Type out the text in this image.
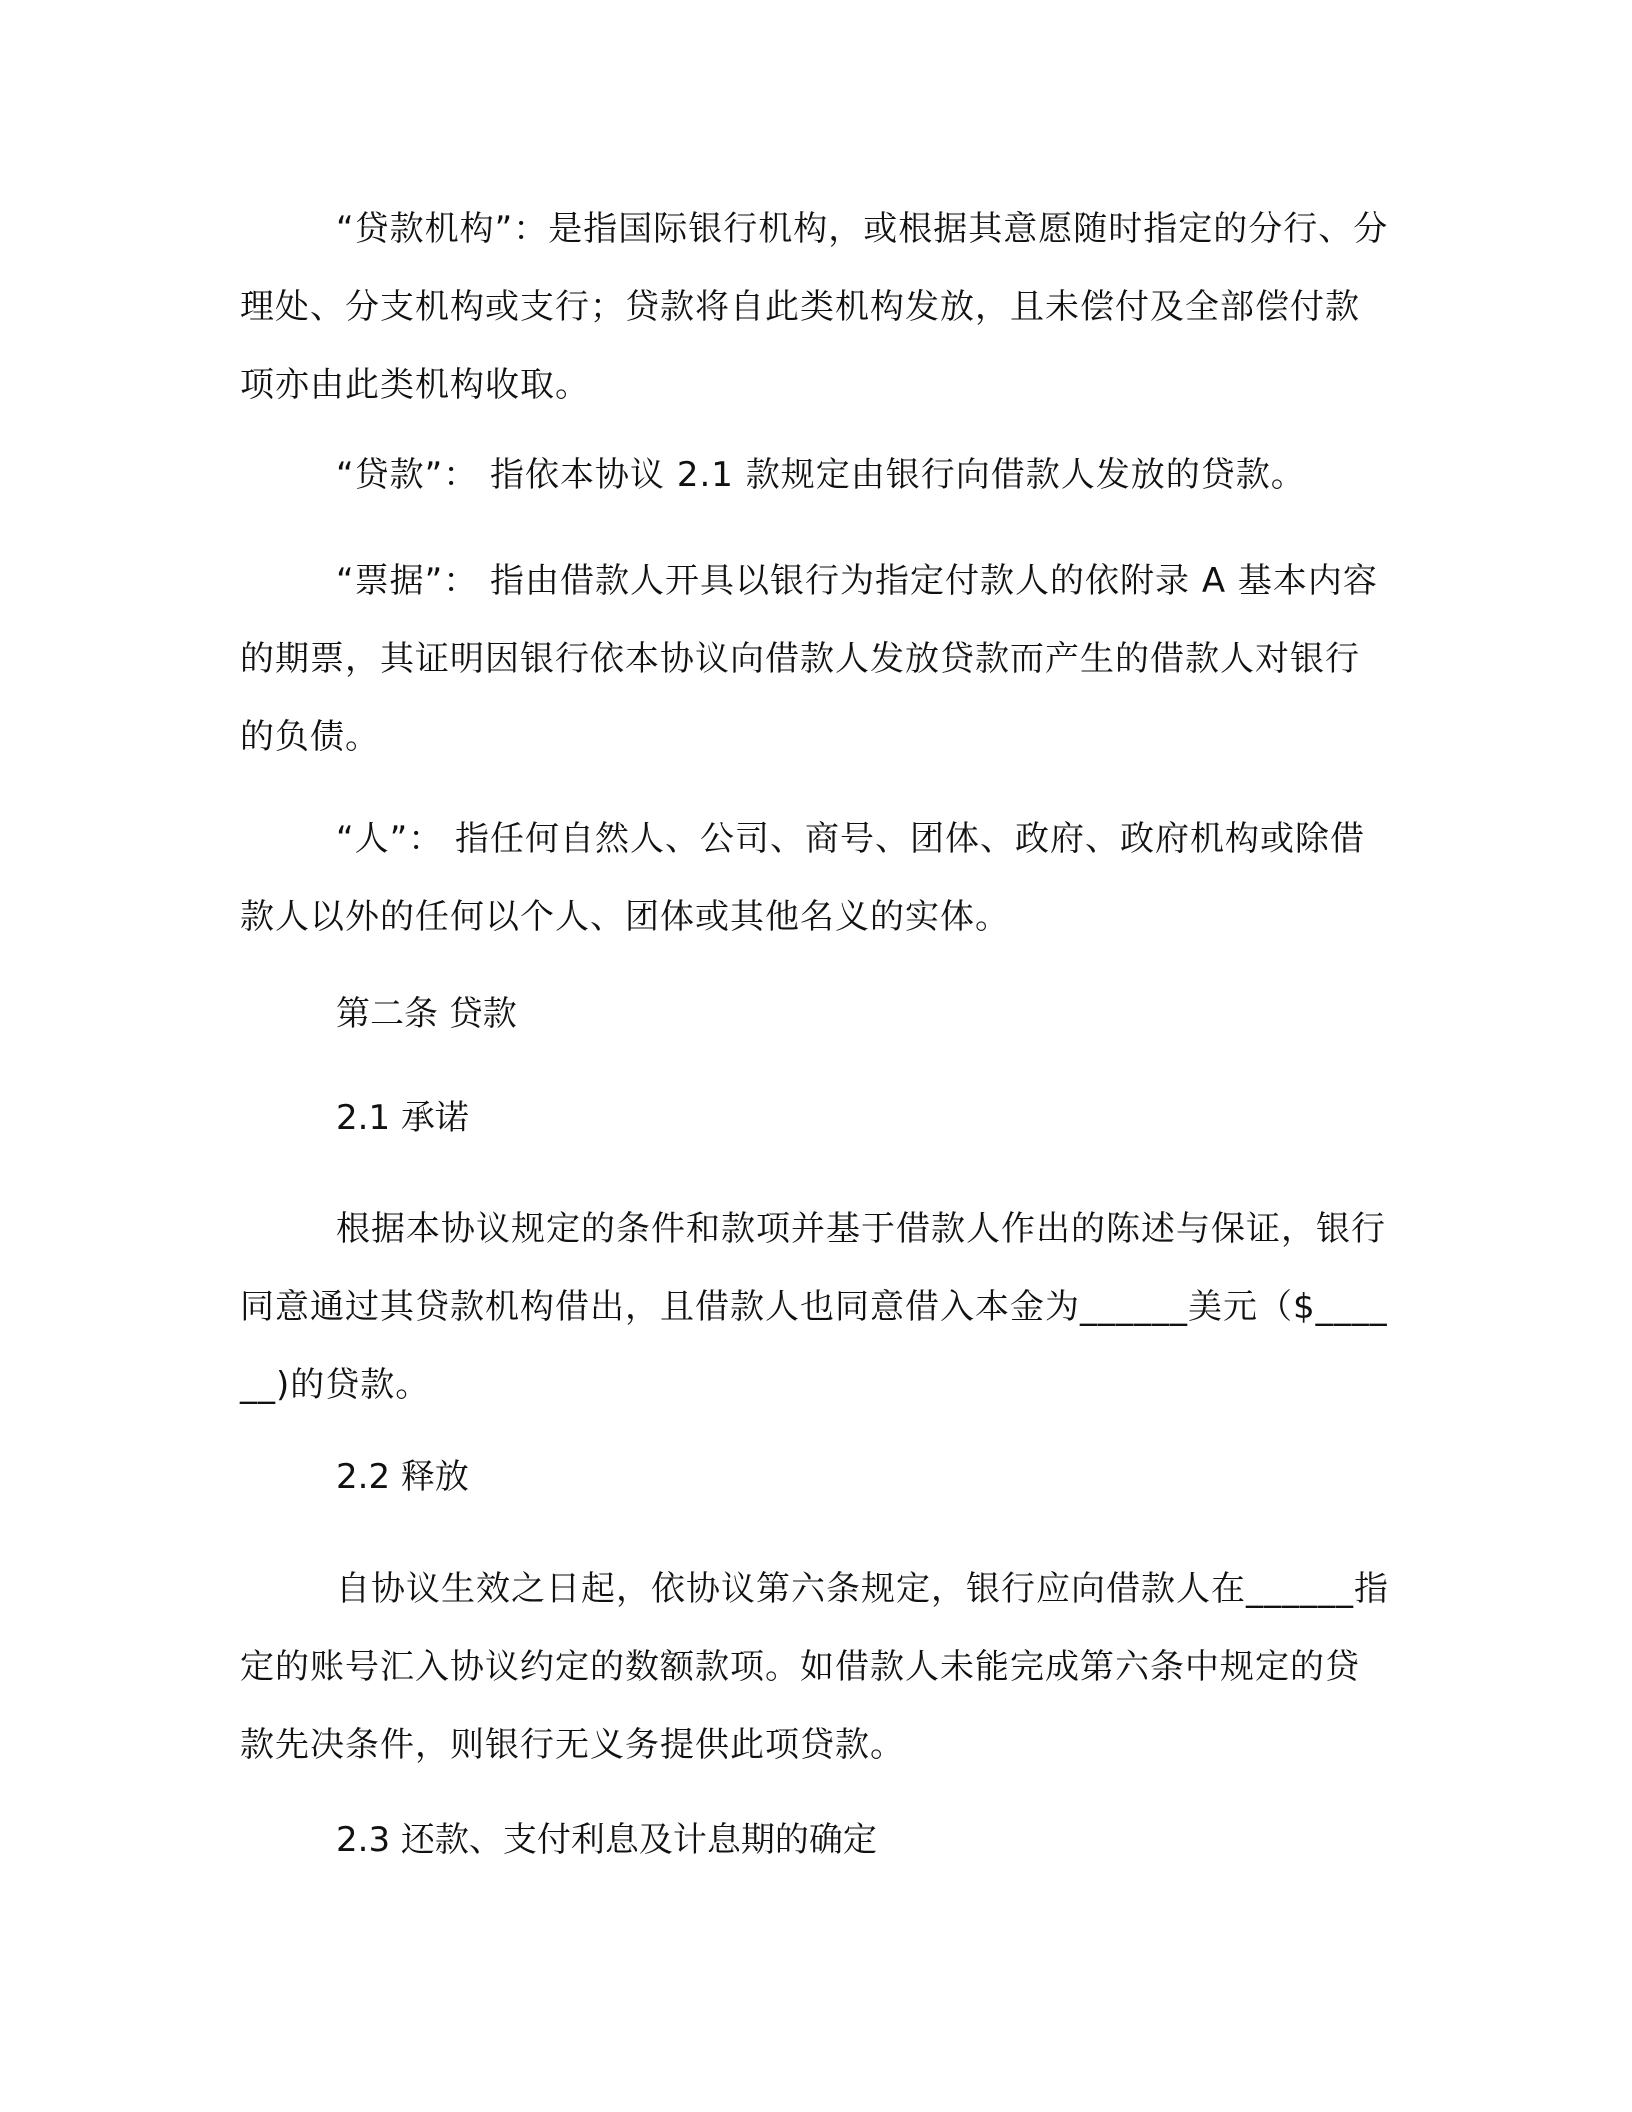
“贷款机构”：是指国际银行机构，或根据其意愿随时指定的分行、分理处、分支机构或支行；贷款将自此类机构发放，且未偿付及全部偿付款项亦由此类机构收取。
“贷款”： 指依本协议 2.1 款规定由银行向借款人发放的贷款。
“票据”： 指由借款人开具以银行为指定付款人的依附录 A 基本内容的期票，其证明因银行依本协议向借款人发放贷款而产生的借款人对银行的负债。
“人”： 指任何自然人、公司、商号、团体、政府、政府机构或除借款人以外的任何以个人、团体或其他名义的实体。
第二条 贷款
2.1 承诺
根据本协议规定的条件和款项并基于借款人作出的陈述与保证，银行同意通过其贷款机构借出，且借款人也同意借入本金为______美元（$______)的贷款。
2.2 释放
自协议生效之日起，依协议第六条规定，银行应向借款人在______指定的账号汇入协议约定的数额款项。如借款人未能完成第六条中规定的贷款先决条件，则银行无义务提供此项贷款。
2.3 还款、支付利息及计息期的确定
